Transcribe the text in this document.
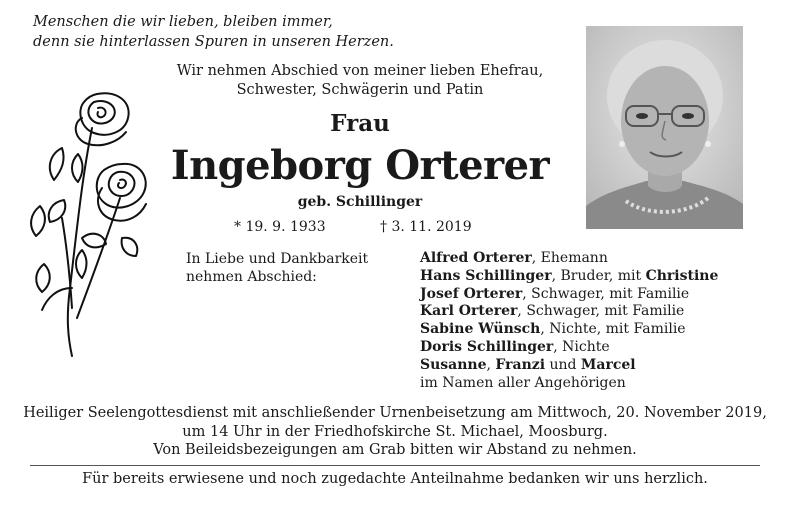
Menschen die wir lieben, bleiben immer,
denn sie hinterlassen Spuren in unseren Herzen.
Wir nehmen Abschied von meiner lieben Ehefrau,
Schwester, Schwägerin und Patin
Frau
Ingeborg Orterer
geb. Schillinger
* 19. 9. 1933	† 3. 11. 2019
In Liebe und Dankbarkeit
nehmen Abschied:
Alfred Orterer, Ehemann
Hans Schillinger, Bruder, mit Christine
Josef Orterer, Schwager, mit Familie
Karl Orterer, Schwager, mit Familie
Sabine Wünsch, Nichte, mit Familie
Doris Schillinger, Nichte
Susanne, Franzi und Marcel
im Namen aller Angehörigen
Heiliger Seelengottesdienst mit anschließender Urnenbeisetzung am Mittwoch, 20. November 2019,
um 14 Uhr in der Friedhofskirche St. Michael, Moosburg.
Von Beileidsbezeigungen am Grab bitten wir Abstand zu nehmen.
Für bereits erwiesene und noch zugedachte Anteilnahme bedanken wir uns herzlich.
